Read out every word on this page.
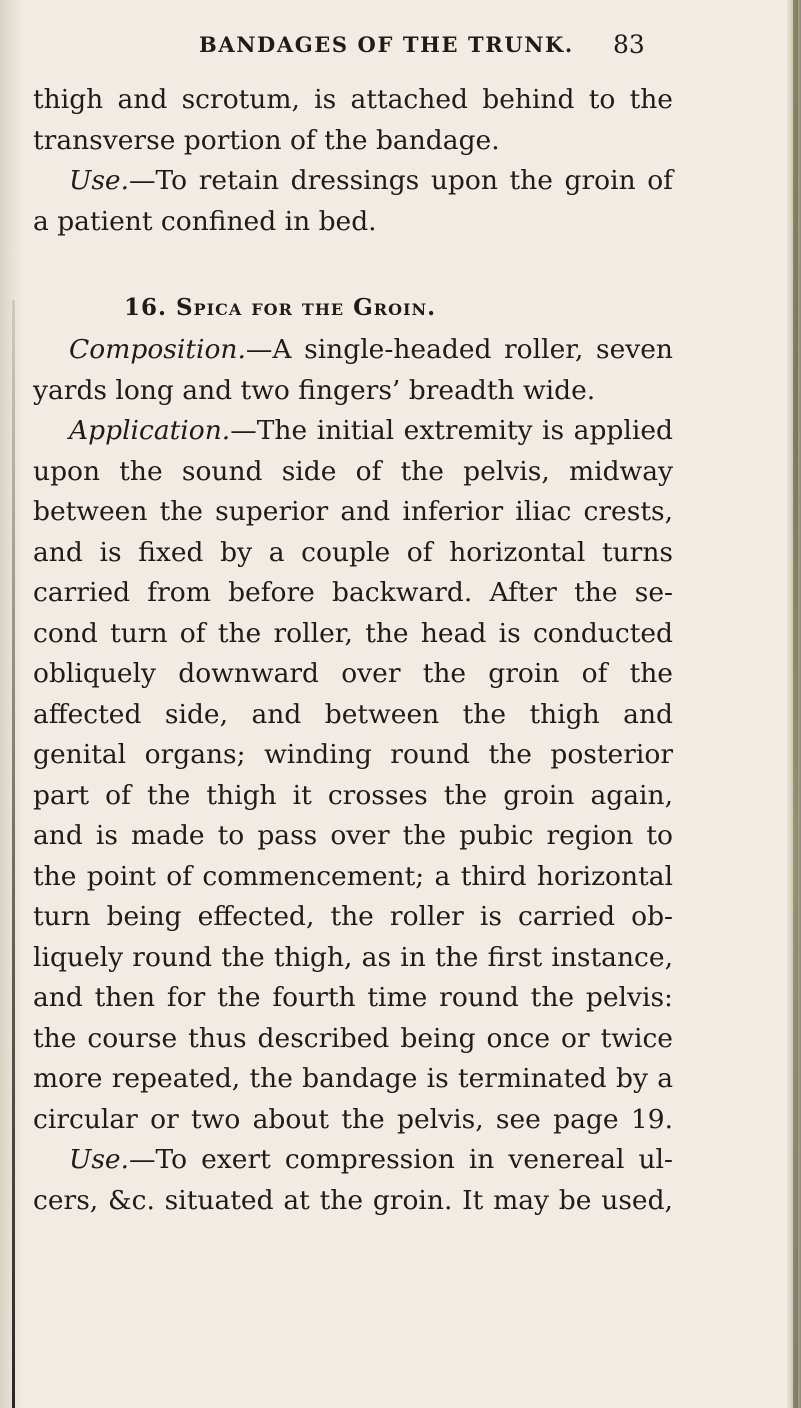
BANDAGES OF THE TRUNK. 83
thigh and scrotum, is attached behind to the
transverse portion of the bandage.
Use.—To retain dressings upon the groin of
a patient confined in bed.
16. Spica for the Groin.
Composition.—A single-headed roller, seven
yards long and two fingers’ breadth wide.
Application.—The initial extremity is applied
upon the sound side of the pelvis, midway
between the superior and inferior iliac crests,
and is fixed by a couple of horizontal turns
carried from before backward. After the se-
cond turn of the roller, the head is conducted
obliquely downward over the groin of the
affected side, and between the thigh and
genital organs; winding round the posterior
part of the thigh it crosses the groin again,
and is made to pass over the pubic region to
the point of commencement; a third horizontal
turn being effected, the roller is carried ob-
liquely round the thigh, as in the first instance,
and then for the fourth time round the pelvis:
the course thus described being once or twice
more repeated, the bandage is terminated by a
circular or two about the pelvis, see page 19.
Use.—To exert compression in venereal ul-
cers, &c. situated at the groin. It may be used,
